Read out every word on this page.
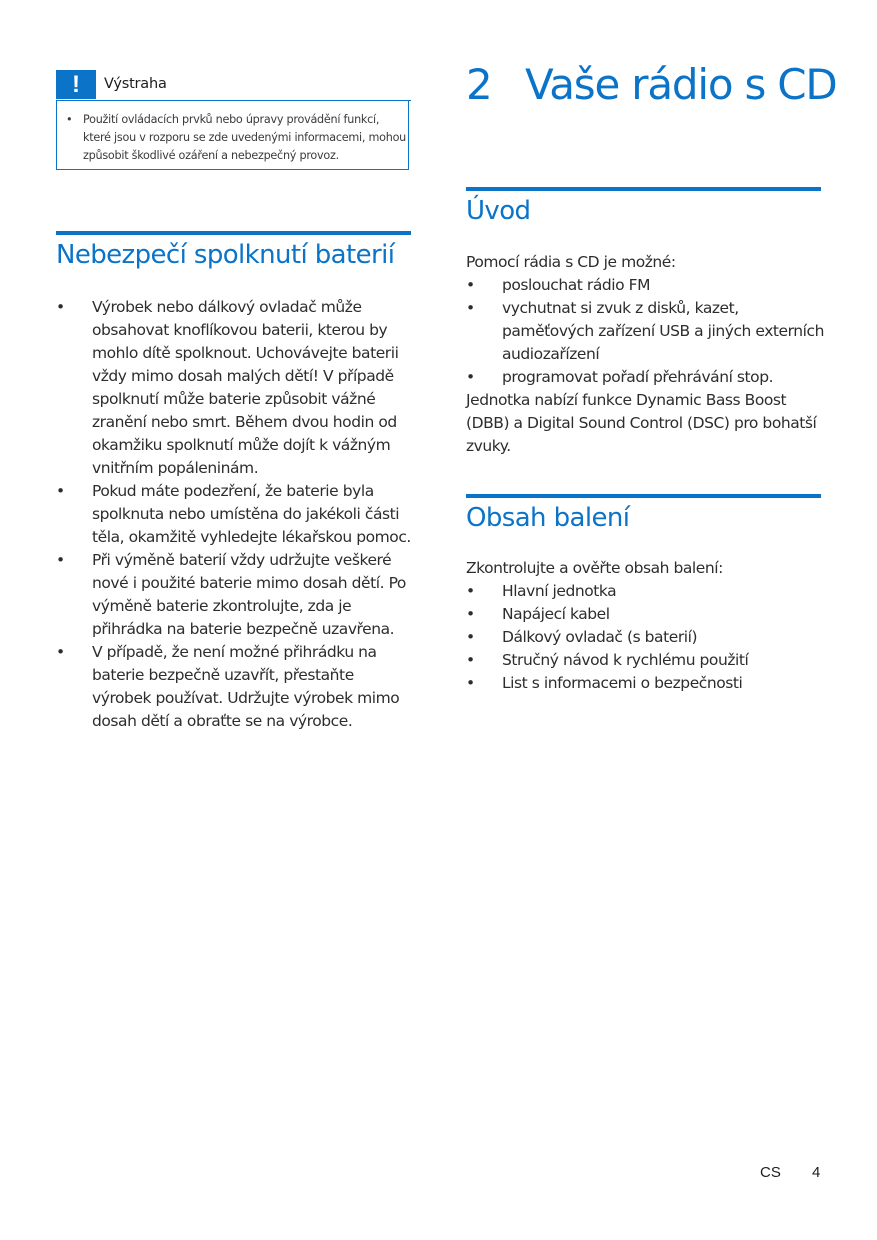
!	Výstraha
• Použití ovládacích prvků nebo úpravy provádění funkcí, které jsou v rozporu se zde uvedenými informacemi, mohou způsobit škodlivé ozáření a nebezpečný provoz.
Nebezpečí spolknutí baterií
• Výrobek nebo dálkový ovladač může obsahovat knoflíkovou baterii, kterou by mohlo dítě spolknout. Uchovávejte baterii vždy mimo dosah malých dětí! V případě spolknutí může baterie způsobit vážné zranění nebo smrt. Během dvou hodin od okamžiku spolknutí může dojít k vážným vnitřním popáleninám.
• Pokud máte podezření, že baterie byla spolknuta nebo umístěna do jakékoli části těla, okamžitě vyhledejte lékařskou pomoc.
• Při výměně baterií vždy udržujte veškeré nové i použité baterie mimo dosah dětí. Po výměně baterie zkontrolujte, zda je přihrádka na baterie bezpečně uzavřena.
• V případě, že není možné přihrádku na baterie bezpečně uzavřít, přestaňte výrobek používat. Udržujte výrobek mimo dosah dětí a obraťte se na výrobce.
2 Vaše rádio s CD
Úvod
Pomocí rádia s CD je možné:
• poslouchat rádio FM
• vychutnat si zvuk z disků, kazet, paměťových zařízení USB a jiných externích audiozařízení
• programovat pořadí přehrávání stop.
Jednotka nabízí funkce Dynamic Bass Boost (DBB) a Digital Sound Control (DSC) pro bohatší zvuky.
Obsah balení
Zkontrolujte a ověřte obsah balení:
• Hlavní jednotka
• Napájecí kabel
• Dálkový ovladač (s baterií)
• Stručný návod k rychlému použití
• List s informacemi o bezpečnosti
CS 4
